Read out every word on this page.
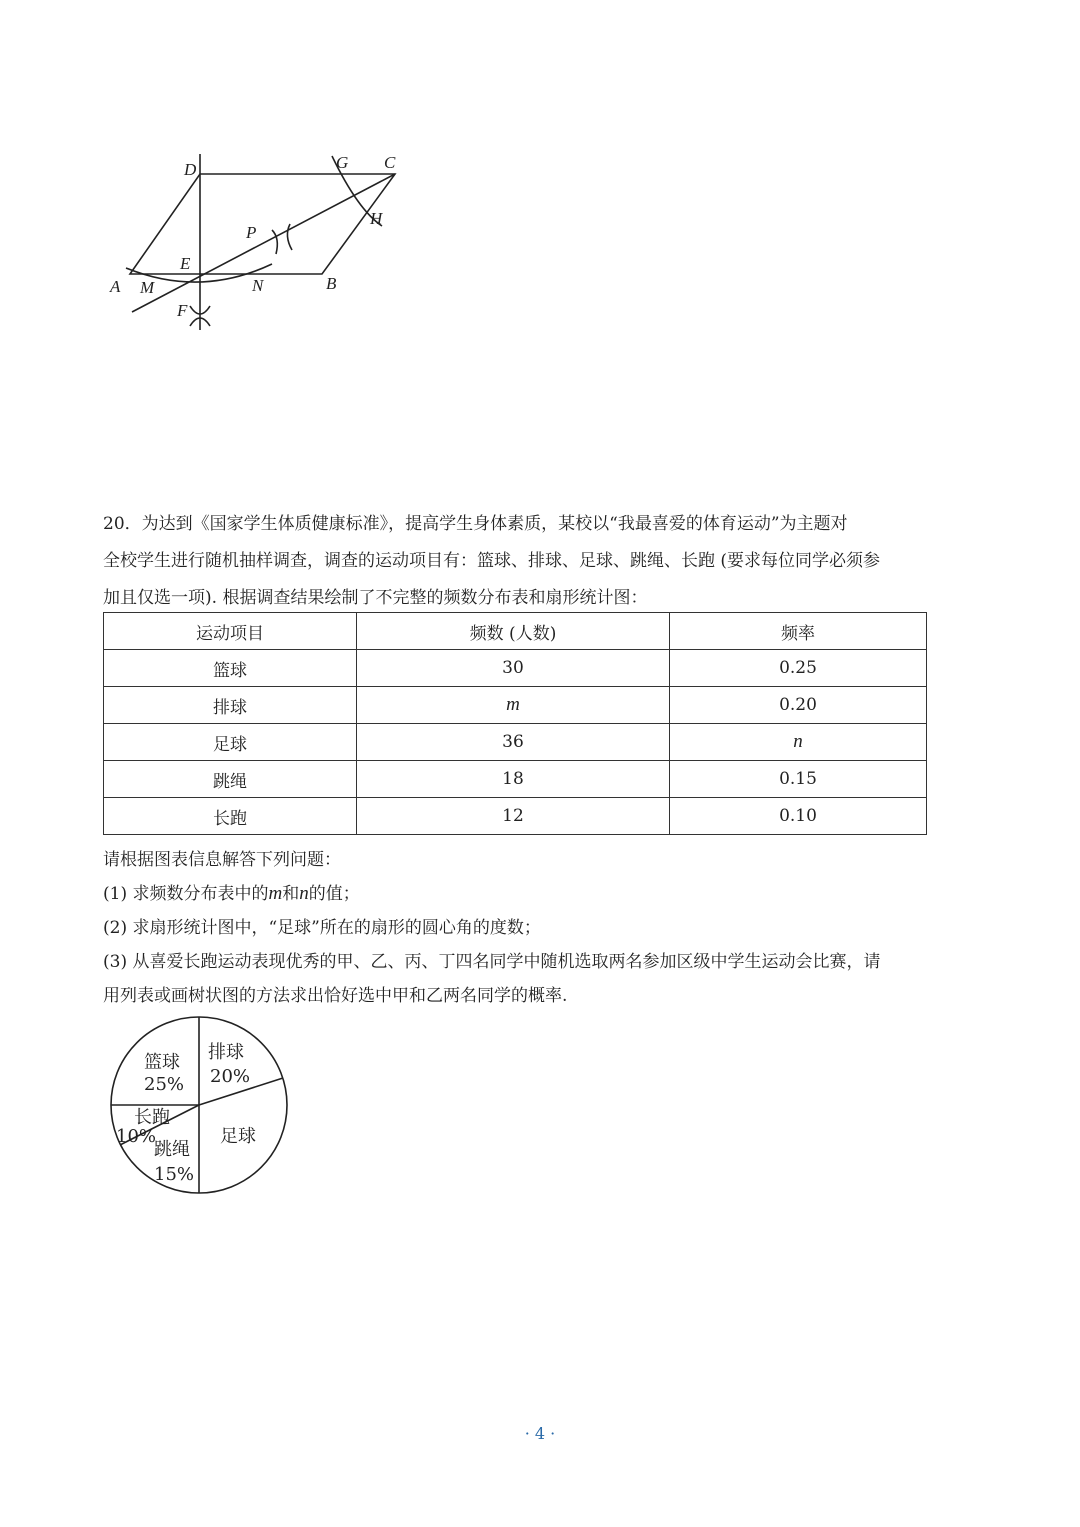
D	G C
H
P
E
A M	N	B
F

20．为达到《国家学生体质健康标准》，提高学生身体素质，某校以“我最喜爱的体育运动”为主题对

全校学生进行随机抽样调查，调查的运动项目有：篮球、排球、足球、跳绳、长跑 (要求每位同学必须参

加且仅选一项). 根据调查结果绘制了不完整的频数分布表和扇形统计图：

运动项目	频数 (人数)	频率
篮球	30	0.25
排球	m	0.20
足球	36	n
跳绳	18	0.15
长跑	12	0.10

请根据图表信息解答下列问题：

(1) 求频数分布表中的m和n的值；

(2) 求扇形统计图中，“足球”所在的扇形的圆心角的度数；

(3) 从喜爱长跑运动表现优秀的甲、乙、丙、丁四名同学中随机选取两名参加区级中学生运动会比赛，请

用列表或画树状图的方法求出恰好选中甲和乙两名同学的概率.

篮球
25%
排球
20%
足球
跳绳
15%
长跑
10%
· 4 ·
